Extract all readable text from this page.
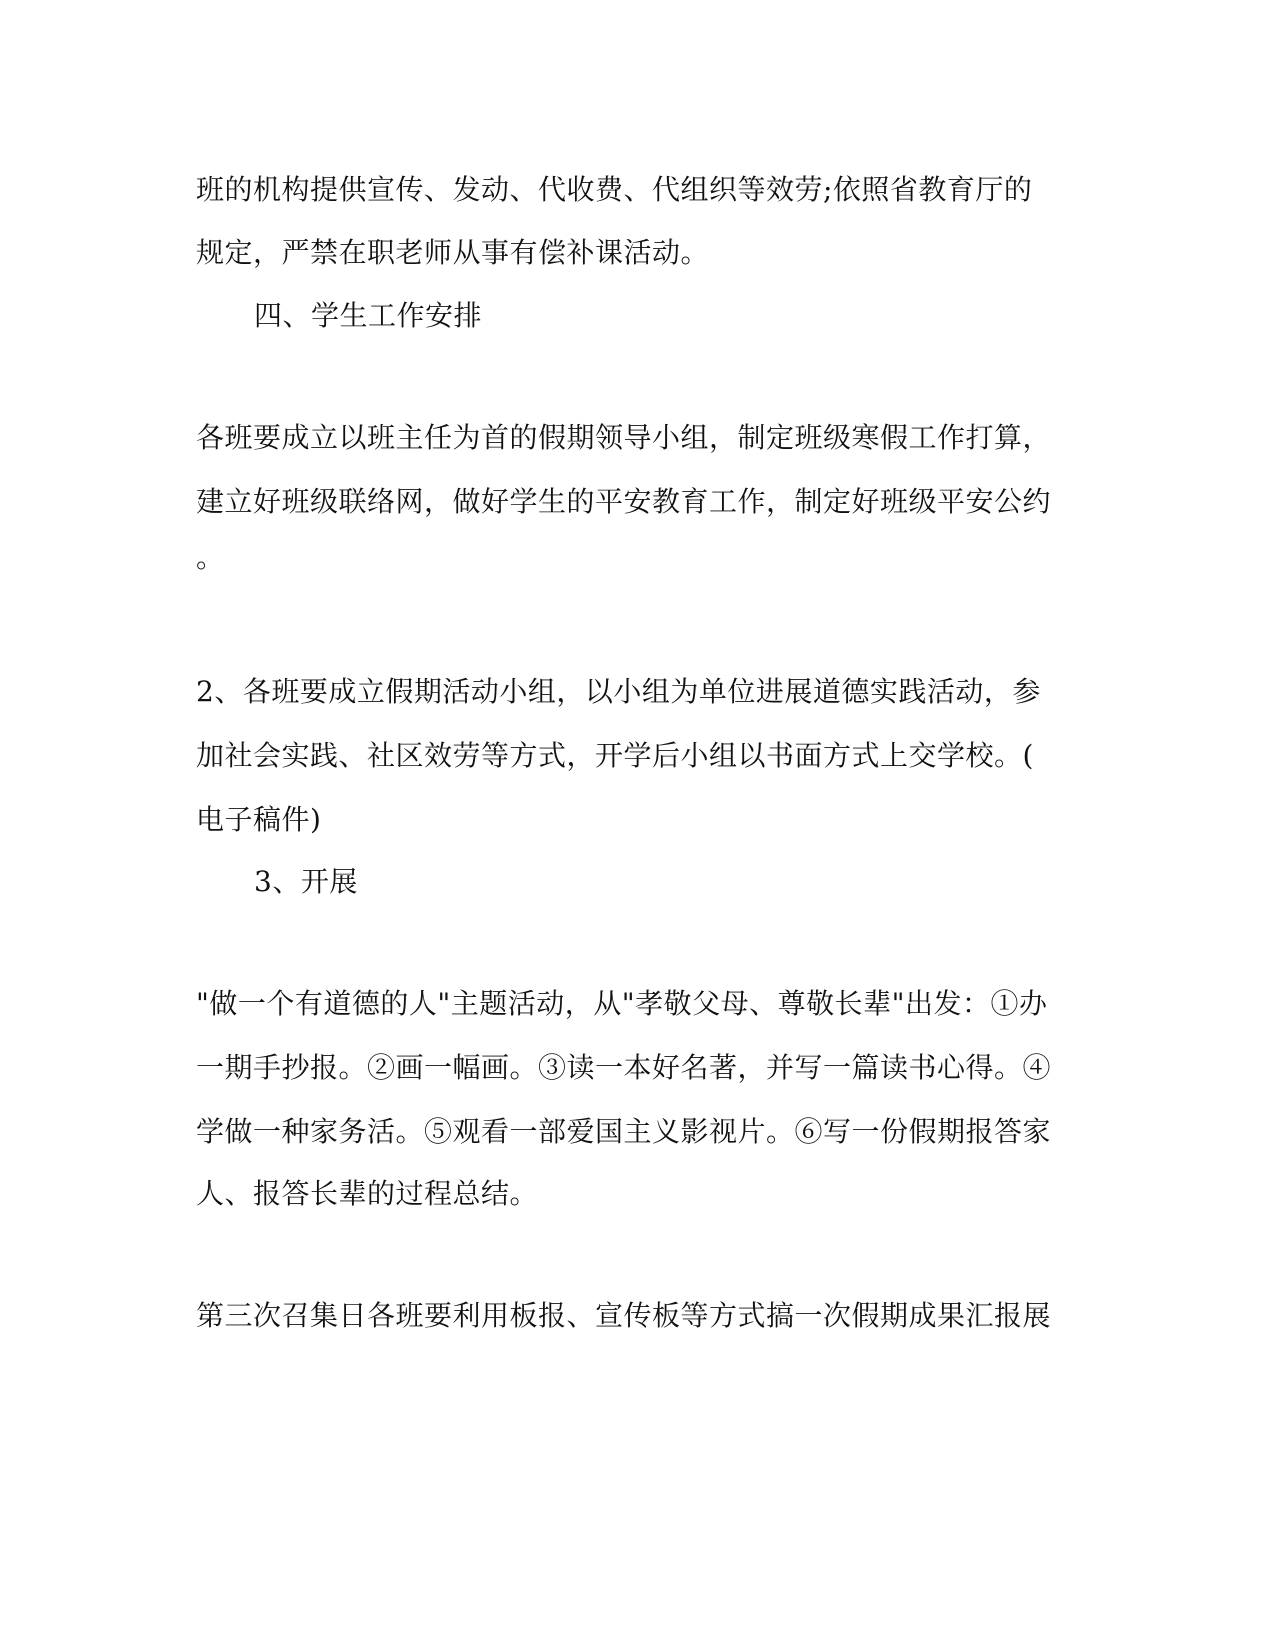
班的机构提供宣传、发动、代收费、代组织等效劳;依照省教育厅的
规定，严禁在职老师从事有偿补课活动。
四、学生工作安排
各班要成立以班主任为首的假期领导小组，制定班级寒假工作打算，
建立好班级联络网，做好学生的平安教育工作，制定好班级平安公约
。
2、各班要成立假期活动小组，以小组为单位进展道德实践活动，参
加社会实践、社区效劳等方式，开学后小组以书面方式上交学校。(
电子稿件)
3、开展
"做一个有道德的人"主题活动，从"孝敬父母、尊敬长辈"出发：①办
一期手抄报。②画一幅画。③读一本好名著，并写一篇读书心得。④
学做一种家务活。⑤观看一部爱国主义影视片。⑥写一份假期报答家
人、报答长辈的过程总结。
第三次召集日各班要利用板报、宣传板等方式搞一次假期成果汇报展
